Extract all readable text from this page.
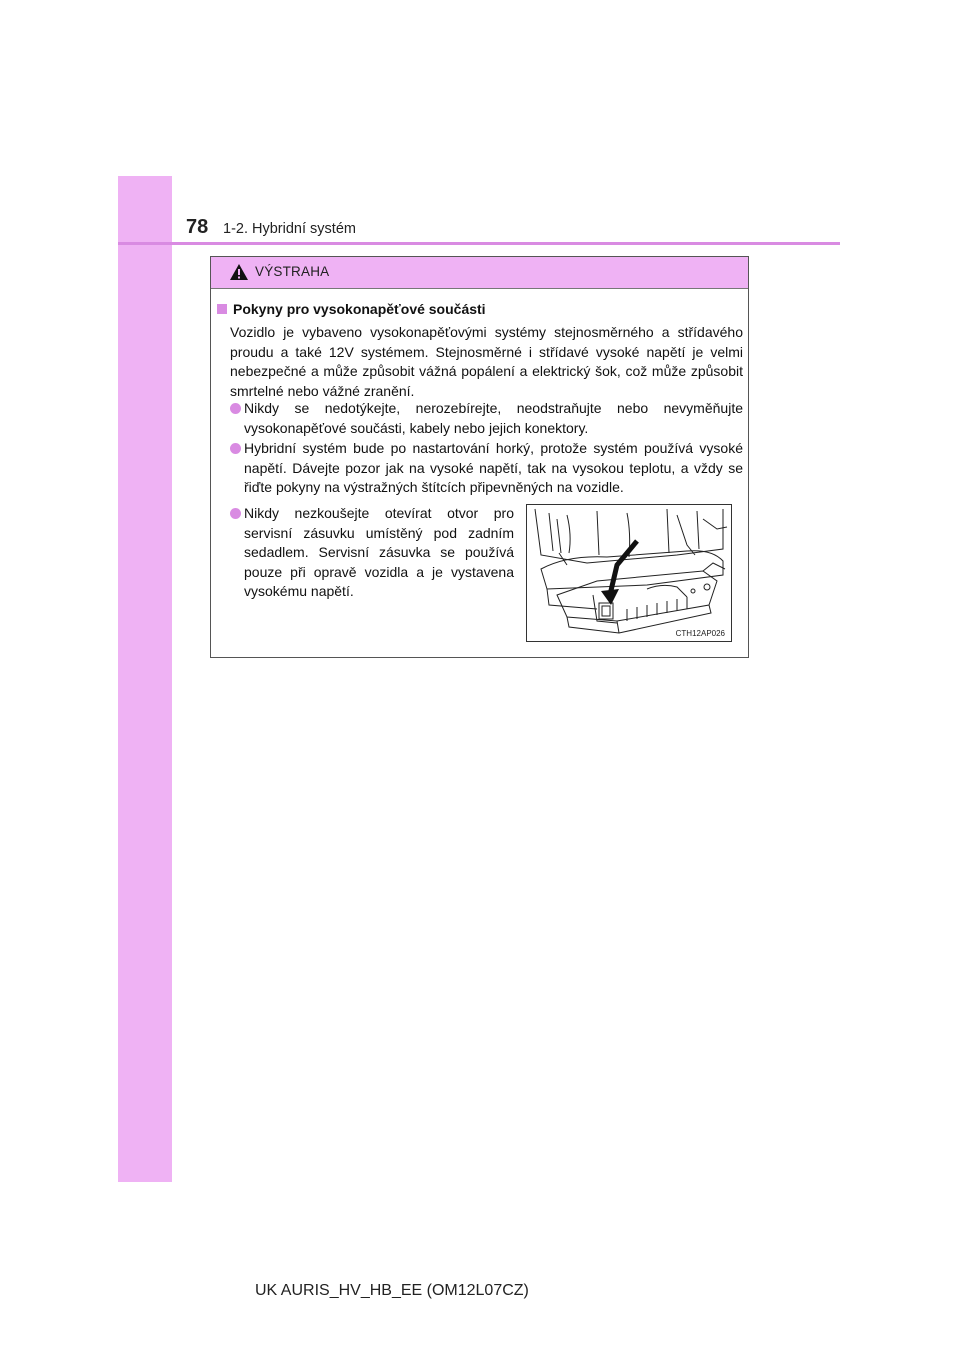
78 1-2. Hybridní systém
VÝSTRAHA
Pokyny pro vysokonapěťové součásti
Vozidlo je vybaveno vysokonapěťovými systémy stejnosměrného a střídavého proudu a také 12V systémem. Stejnosměrné i střídavé vysoké napětí je velmi nebezpečné a může způsobit vážná popálení a elektrický šok, což může způsobit smrtelné nebo vážné zranění.
Nikdy se nedotýkejte, nerozebírejte, neodstraňujte nebo nevyměňujte vysokonapěťové součásti, kabely nebo jejich konektory.
Hybridní systém bude po nastartování horký, protože systém používá vysoké napětí. Dávejte pozor jak na vysoké napětí, tak na vysokou teplotu, a vždy se řiďte pokyny na výstražných štítcích připevněných na vozidle.
Nikdy nezkoušejte otevírat otvor pro servisní zásuvku umístěný pod zadním sedadlem. Servisní zásuvka se používá pouze při opravě vozidla a je vystavena vysokému napětí.
CTH12AP026
UK AURIS_HV_HB_EE (OM12L07CZ)
